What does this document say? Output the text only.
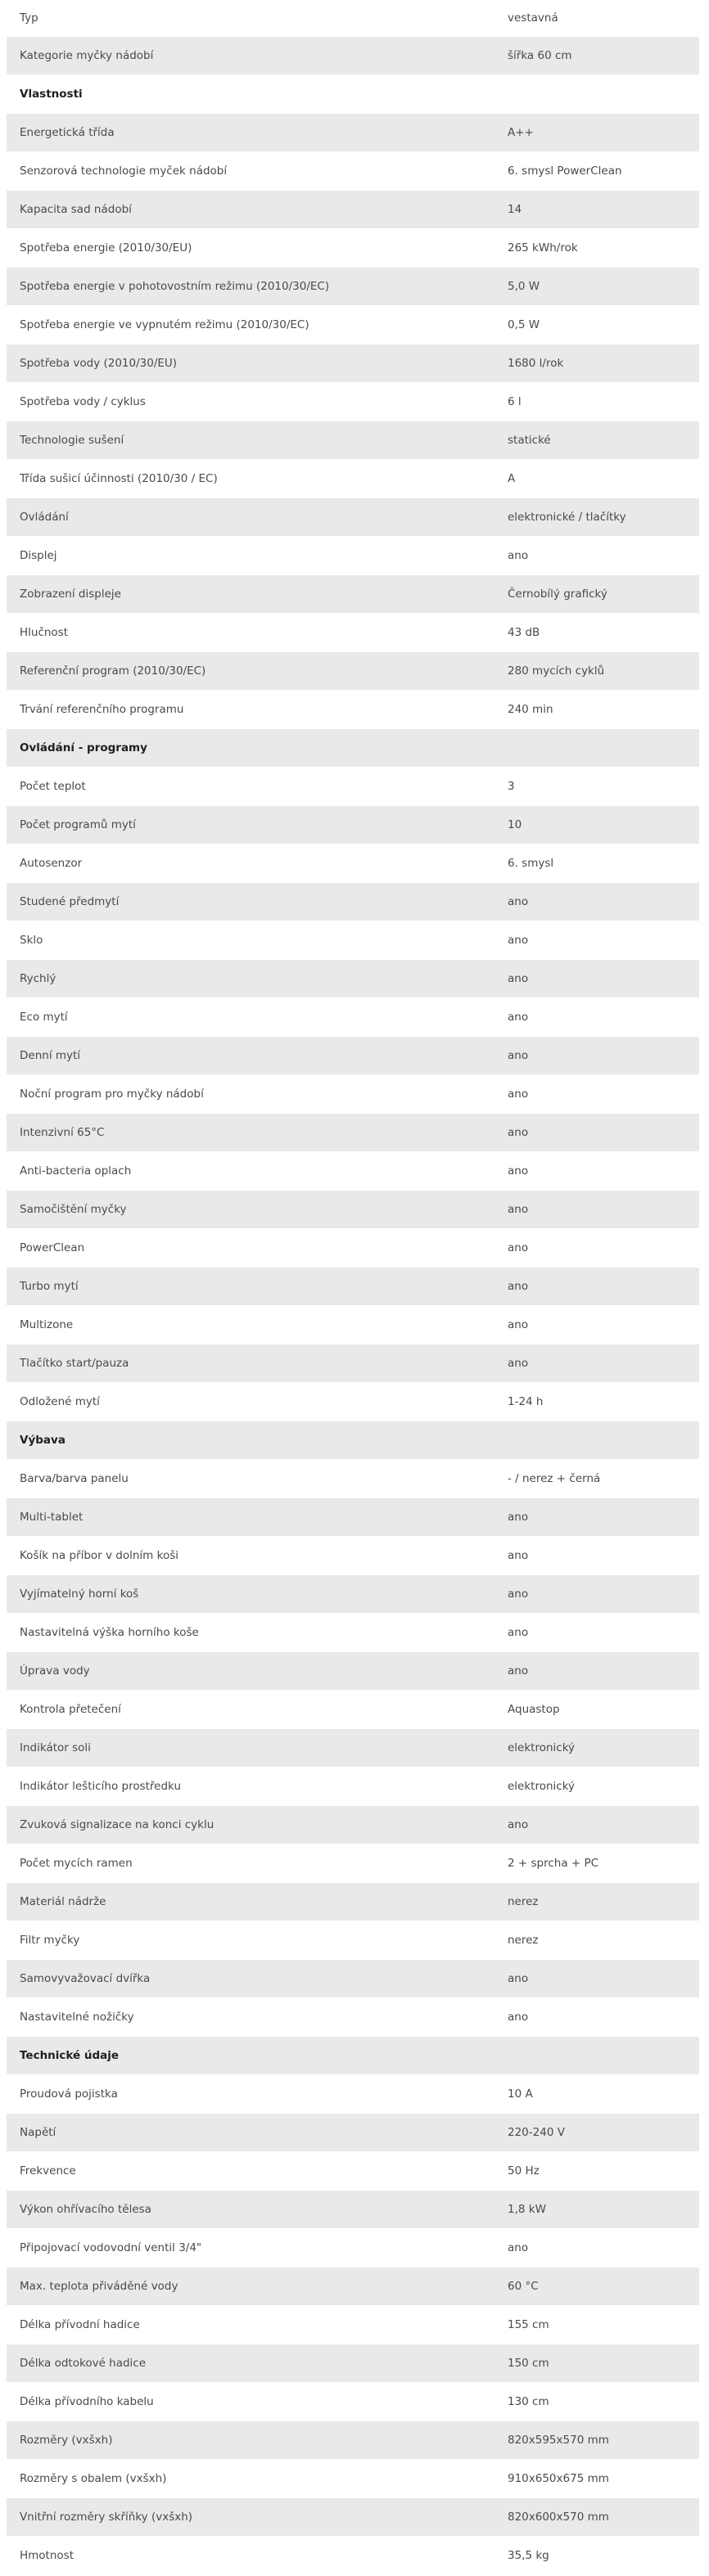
Typ	vestavná
Kategorie myčky nádobí	šířka 60 cm
Vlastnosti	
Energetická třída	A++
Senzorová technologie myček nádobí	6. smysl PowerClean
Kapacita sad nádobí	14
Spotřeba energie (2010/30/EU)	265 kWh/rok
Spotřeba energie v pohotovostním režimu (2010/30/EC)	5,0 W
Spotřeba energie ve vypnutém režimu (2010/30/EC)	0,5 W
Spotřeba vody (2010/30/EU)	1680 l/rok
Spotřeba vody / cyklus	6 l
Technologie sušení	statické
Třída sušicí účinnosti (2010/30 / EC)	A
Ovládání	elektronické / tlačítky
Displej	ano
Zobrazení displeje	Černobílý grafický
Hlučnost	43 dB
Referenční program (2010/30/EC)	280 mycích cyklů
Trvání referenčního programu	240 min
Ovládání - programy	
Počet teplot	3
Počet programů mytí	10
Autosenzor	6. smysl
Studené předmytí	ano
Sklo	ano
Rychlý	ano
Eco mytí	ano
Denní mytí	ano
Noční program pro myčky nádobí	ano
Intenzivní 65°C	ano
Anti-bacteria oplach	ano
Samočištění myčky	ano
PowerClean	ano
Turbo mytí	ano
Multizone	ano
Tlačítko start/pauza	ano
Odložené mytí	1-24 h
Výbava	
Barva/barva panelu	- / nerez + černá
Multi-tablet	ano
Košík na příbor v dolním koši	ano
Vyjímatelný horní koš	ano
Nastavitelná výška horního koše	ano
Úprava vody	ano
Kontrola přetečení	Aquastop
Indikátor soli	elektronický
Indikátor lešticího prostředku	elektronický
Zvuková signalizace na konci cyklu	ano
Počet mycích ramen	2 + sprcha + PC
Materiál nádrže	nerez
Filtr myčky	nerez
Samovyvažovací dvířka	ano
Nastavitelné nožičky	ano
Technické údaje	
Proudová pojistka	10 A
Napětí	220-240 V
Frekvence	50 Hz
Výkon ohřívacího tělesa	1,8 kW
Připojovací vodovodní ventil 3/4"	ano
Max. teplota přiváděné vody	60 °C
Délka přívodní hadice	155 cm
Délka odtokové hadice	150 cm
Délka přívodního kabelu	130 cm
Rozměry (vxšxh)	820x595x570 mm
Rozměry s obalem (vxšxh)	910x650x675 mm
Vnitřní rozměry skříňky (vxšxh)	820x600x570 mm
Hmotnost	35,5 kg
